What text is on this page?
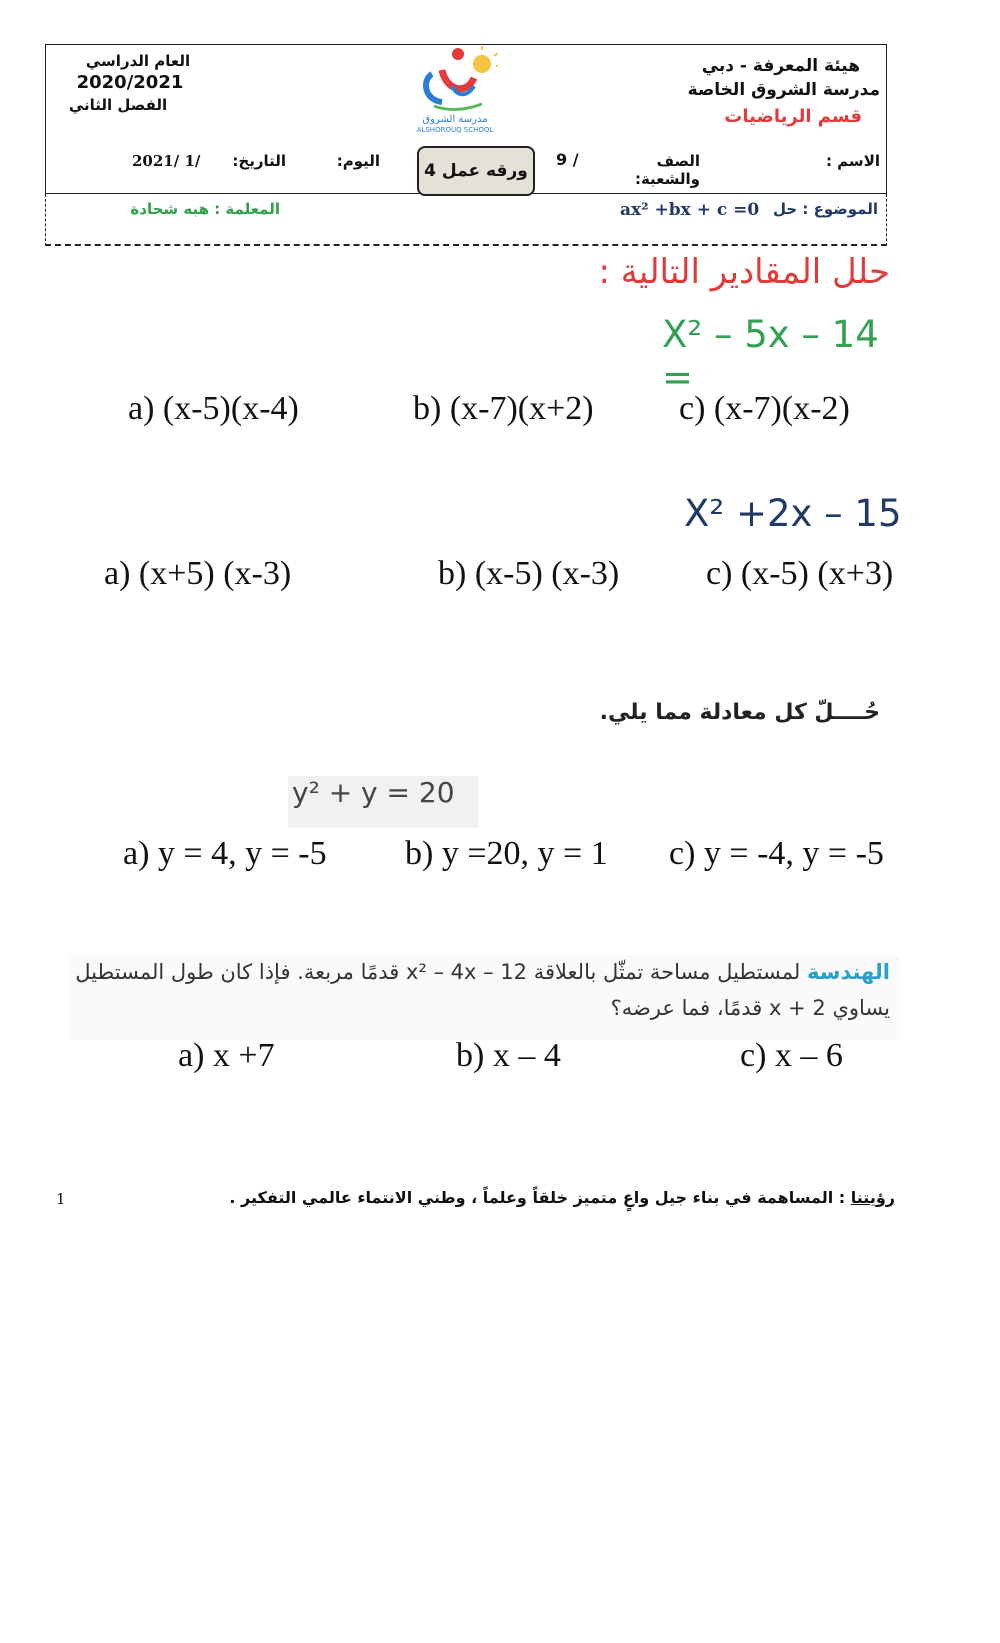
العام الدراسي
2020/2021
الفصل الثاني
مدرسة الشروق
ALSHOROUQ SCHOOL
هيئة المعرفة - دبي
مدرسة الشروق الخاصة
قسم الرياضيات
الاسم :
الصف والشعبة:
9 /
ورقه عمل 4
اليوم:
التاريخ:
2021/ 1/
الموضوع : حل
ax² +bx + c =0
المعلمة : هبه شحادة
حلل المقادير التالية :
X² – 5x – 14 =
a) (x-5)(x-4)	b) (x-7)(x+2)	c) (x-7)(x-2)
X² +2x – 15
a) (x+5) (x-3)	b) (x-5) (x-3)	c) (x-5) (x+3)
حُــــلّ كل معادلة مما يلي.
y² + y = 20
a) y = 4, y = -5 b) y =20, y = 1 c) y = -4, y = -5
الهندسة لمستطيل مساحة تمثّل بالعلاقة x² – 4x – 12 قدمًا مربعة. فإذا كان طول المستطيل
يساوي x + 2 قدمًا، فما عرضه؟
a) x +7	b) x – 4	c) x – 6
رؤيتنا : المساهمة في بناء جيل واعٍ متميز خلقاً وعلماً ، وطني الانتماء عالمي التفكير .
1
